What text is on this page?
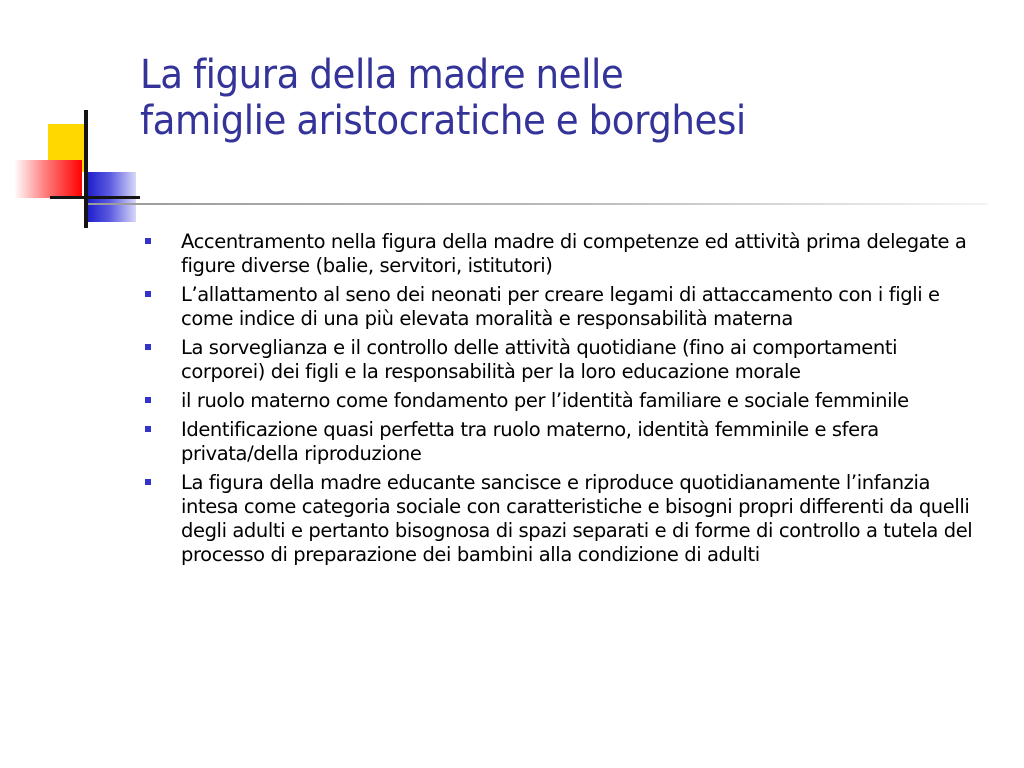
La figura della madre nelle
famiglie aristocratiche e borghesi
Accentramento nella figura della madre di competenze ed attività prima delegate a figure diverse (balie, servitori, istitutori)
L’allattamento al seno dei neonati per creare legami di attaccamento con i figli e come indice di una più elevata moralità e responsabilità materna
La sorveglianza e il controllo delle attività quotidiane (fino ai comportamenti corporei) dei figli e la responsabilità per la loro educazione morale
il ruolo materno come fondamento per l’identità familiare e sociale femminile
Identificazione quasi perfetta tra ruolo materno, identità femminile e sfera privata/della riproduzione
La figura della madre educante sancisce e riproduce quotidianamente l’infanzia intesa come categoria sociale con caratteristiche e bisogni propri differenti da quelli degli adulti e pertanto bisognosa di spazi separati e di forme di controllo a tutela del processo di preparazione dei bambini alla condizione di adulti
